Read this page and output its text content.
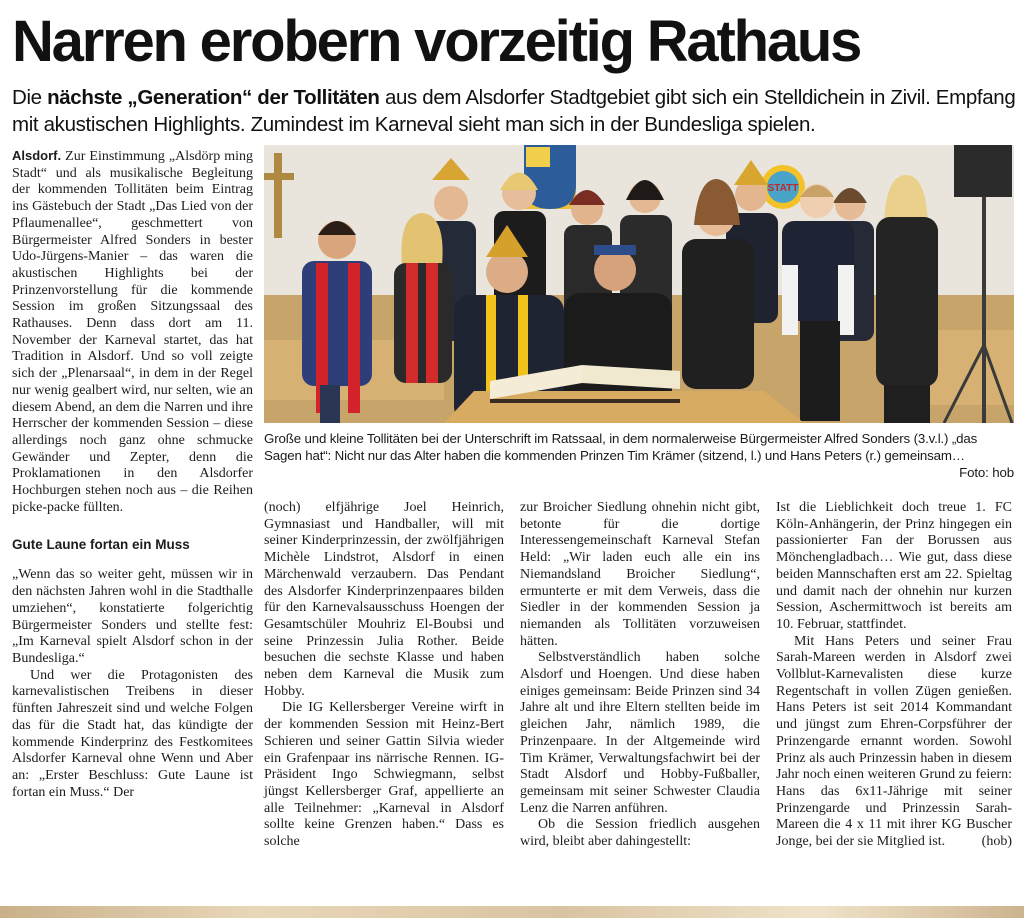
Narren erobern vorzeitig Rathaus
Die nächste „Generation“ der Tollitäten aus dem Alsdorfer Stadtgebiet gibt sich ein Stelldichein in Zivil. Empfang mit akustischen Highlights. Zumindest im Karneval sieht man sich in der Bundesliga spielen.

Alsdorf. Zur Einstimmung „Alsdörp ming Stadt“ und als musikalische Begleitung der kommenden Tollitäten beim Eintrag ins Gästebuch der Stadt „Das Lied von der Pflaumenallee“, geschmettert von Bürgermeister Alfred Sonders in bester Udo-Jürgens-Manier – das waren die akustischen Highlights bei der Prinzenvorstellung für die kommende Session im großen Sitzungssaal des Rathauses. Denn dass dort am 11. November der Karneval startet, das hat Tradition in Alsdorf. Und so voll zeigte sich der „Plenarsaal“, in dem in der Regel nur wenig gealbert wird, nur selten, wie an diesem Abend, an dem die Narren und ihre Herrscher der kommenden Session – diese allerdings noch ganz ohne schmucke Gewänder und Zepter, denn die Proklamationen in den Alsdorfer Hochburgen stehen noch aus – die Reihen picke-packe füllten.

Gute Laune fortan ein Muss

„Wenn das so weiter geht, müssen wir in den nächsten Jahren wohl in die Stadthalle umziehen“, konstatierte folgerichtig Bürgermeister Sonders und stellte fest: „Im Karneval spielt Alsdorf schon in der Bundesliga.“

Und wer die Protagonisten des karnevalistischen Treibens in dieser fünften Jahreszeit sind und welche Folgen das für die Stadt hat, das kündigte der kommende Kinderprinz des Festkomitees Alsdorfer Karneval ohne Wenn und Aber an: „Erster Beschluss: Gute Laune ist fortan ein Muss.“ Der

STATT
Große und kleine Tollitäten bei der Unterschrift im Ratssaal, in dem normalerweise Bürgermeister Alfred Sonders (3.v.l.) „das Sagen hat“: Nicht nur das Alter haben die kommenden Prinzen Tim Krämer (sitzend, l.) und Hans Peters (r.) gemeinsam…
Foto: hob

(noch) elfjährige Joel Heinrich, Gymnasiast und Handballer, will mit seiner Kinderprinzessin, der zwölfjährigen Michèle Lindstrot, Alsdorf in einen Märchenwald verzaubern. Das Pendant des Alsdorfer Kinderprinzenpaares bilden für den Karnevalsausschuss Hoengen der Gesamtschüler Mouhriz El-Boubsi und seine Prinzessin Julia Rother. Beide besuchen die sechste Klasse und haben neben dem Karneval die Musik zum Hobby.

Die IG Kellersberger Vereine wirft in der kommenden Session mit Heinz-Bert Schieren und seiner Gattin Silvia wieder ein Grafenpaar ins närrische Rennen. IG-Präsident Ingo Schwiegmann, selbst jüngst Kellersberger Graf, appellierte an alle Teilnehmer: „Karneval in Alsdorf sollte keine Grenzen haben.“ Dass es solche

zur Broicher Siedlung ohnehin nicht gibt, betonte für die dortige Interessengemeinschaft Karneval Stefan Held: „Wir laden euch alle ein ins Niemandsland Broicher Siedlung“, ermunterte er mit dem Verweis, dass die Siedler in der kommenden Session ja niemanden als Tollitäten vorzuweisen hätten.

Selbstverständlich haben solche Alsdorf und Hoengen. Und diese haben einiges gemeinsam: Beide Prinzen sind 34 Jahre alt und ihre Eltern stellten beide im gleichen Jahr, nämlich 1989, die Prinzenpaare. In der Altgemeinde wird Tim Krämer, Verwaltungsfachwirt bei der Stadt Alsdorf und Hobby-Fußballer, gemeinsam mit seiner Schwester Claudia Lenz die Narren anführen.

Ob die Session friedlich ausgehen wird, bleibt aber dahingestellt:

Ist die Lieblichkeit doch treue 1. FC Köln-Anhängerin, der Prinz hingegen ein passionierter Fan der Borussen aus Mönchengladbach… Wie gut, dass diese beiden Mannschaften erst am 22. Spieltag und damit nach der ohnehin nur kurzen Session, Aschermittwoch ist bereits am 10. Februar, stattfindet.

Mit Hans Peters und seiner Frau Sarah-Mareen werden in Alsdorf zwei Vollblut-Karnevalisten diese kurze Regentschaft in vollen Zügen genießen. Hans Peters ist seit 2014 Kommandant und jüngst zum Ehren-Corpsführer der Prinzengarde ernannt worden. Sowohl Prinz als auch Prinzessin haben in diesem Jahr noch einen weiteren Grund zu feiern: Hans das 6x11-Jährige mit seiner Prinzengarde und Prinzessin Sarah-Mareen die 4 x 11 mit ihrer KG Buscher Jonge, bei der sie Mitglied ist.	(hob)
